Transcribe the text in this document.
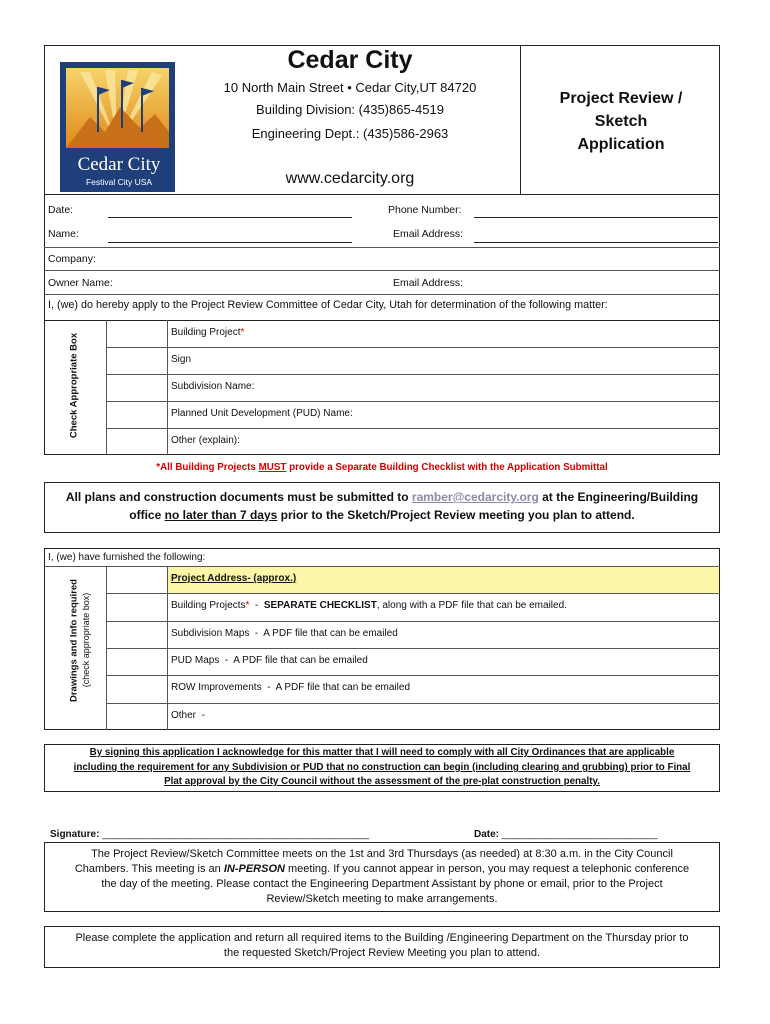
Cedar City
Festival City USA
Cedar City
10 North Main Street • Cedar City,UT 84720
Building Division: (435)865-4519
Engineering Dept.: (435)586-2963
www.cedarcity.org
Project Review /
Sketch
Application
Date:	Phone Number:
Name:	Email Address:
Company:
Owner Name:	Email Address:
I, (we) do hereby apply to the Project Review Committee of Cedar City, Utah for determination of the following matter:
Check Appropriate Box
Building Project*
Sign
Subdivision Name:
Planned Unit Development (PUD) Name:
Other (explain):
*All Building Projects MUST provide a Separate Building Checklist with the Application Submittal
All plans and construction documents must be submitted to ramber@cedarcity.org at the Engineering/Building
office no later than 7 days prior to the Sketch/Project Review meeting you plan to attend.
I, (we) have furnished the following:
Drawings and Info required (check appropriate box)
Project Address- (approx.)
Building Projects*  -  SEPARATE CHECKLIST, along with a PDF file that can be emailed.
Subdivision Maps  -  A PDF file that can be emailed
PUD Maps  -  A PDF file that can be emailed
ROW Improvements  -  A PDF file that can be emailed
Other  -
By signing this application I acknowledge for this matter that I will need to comply with all City Ordinances that are applicable
including the requirement for any Subdivision or PUD that no construction can begin (including clearing and grubbing) prior to Final
Plat approval by the City Council without the assessment of the pre-plat construction penalty.
Signature: ________________________________________________	Date: ____________________________
The Project Review/Sketch Committee meets on the 1st and 3rd Thursdays (as needed) at 8:30 a.m. in the City Council
Chambers. This meeting is an IN-PERSON meeting. If you cannot appear in person, you may request a telephonic conference
the day of the meeting. Please contact the Engineering Department Assistant by phone or email, prior to the Project
Review/Sketch meeting to make arrangements.
Please complete the application and return all required items to the Building /Engineering Department on the Thursday prior to
the requested Sketch/Project Review Meeting you plan to attend.
